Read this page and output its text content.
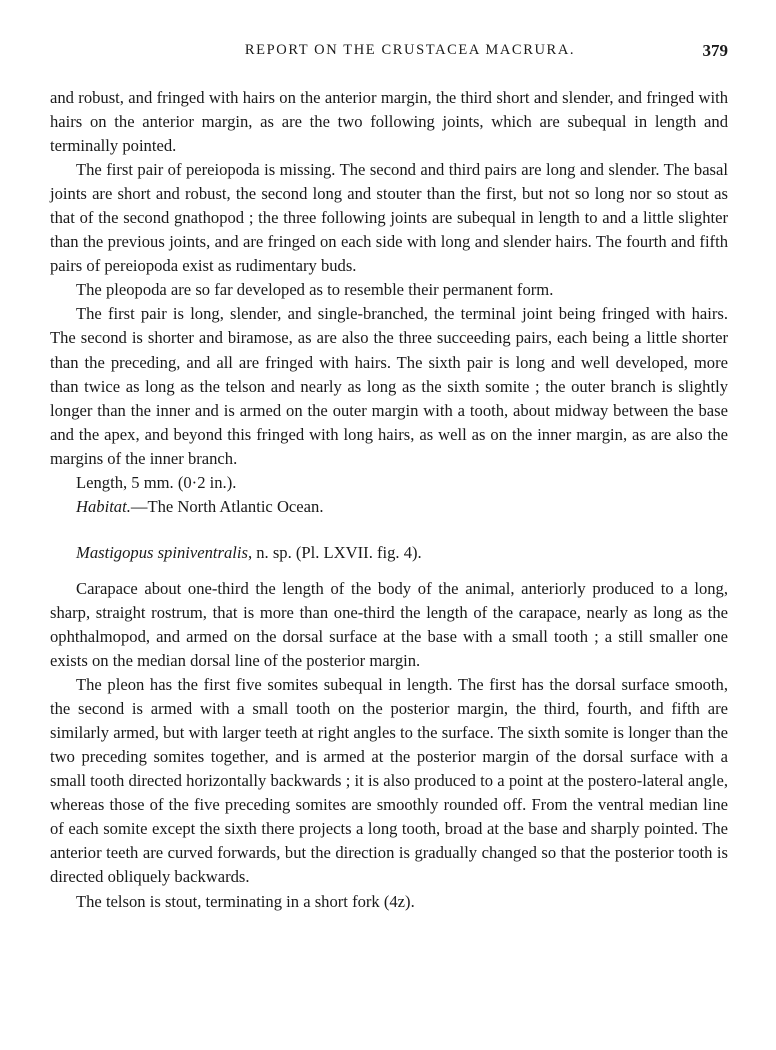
REPORT ON THE CRUSTACEA MACRURA.	379

and robust, and fringed with hairs on the anterior margin, the third short and slender, and fringed with hairs on the anterior margin, as are the two following joints, which are subequal in length and terminally pointed.

The first pair of pereiopoda is missing. The second and third pairs are long and slender. The basal joints are short and robust, the second long and stouter than the first, but not so long nor so stout as that of the second gnathopod ; the three following joints are subequal in length to and a little slighter than the previous joints, and are fringed on each side with long and slender hairs. The fourth and fifth pairs of pereiopoda exist as rudimentary buds.

The pleopoda are so far developed as to resemble their permanent form.

The first pair is long, slender, and single-branched, the terminal joint being fringed with hairs. The second is shorter and biramose, as are also the three succeeding pairs, each being a little shorter than the preceding, and all are fringed with hairs. The sixth pair is long and well developed, more than twice as long as the telson and nearly as long as the sixth somite ; the outer branch is slightly longer than the inner and is armed on the outer margin with a tooth, about midway between the base and the apex, and beyond this fringed with long hairs, as well as on the inner margin, as are also the margins of the inner branch.

Length, 5 mm. (0·2 in.).

Habitat.—The North Atlantic Ocean.

Mastigopus spiniventralis, n. sp. (Pl. LXVII. fig. 4).

Carapace about one-third the length of the body of the animal, anteriorly produced to a long, sharp, straight rostrum, that is more than one-third the length of the carapace, nearly as long as the ophthalmopod, and armed on the dorsal surface at the base with a small tooth ; a still smaller one exists on the median dorsal line of the posterior margin.

The pleon has the first five somites subequal in length. The first has the dorsal surface smooth, the second is armed with a small tooth on the posterior margin, the third, fourth, and fifth are similarly armed, but with larger teeth at right angles to the surface. The sixth somite is longer than the two preceding somites together, and is armed at the posterior margin of the dorsal surface with a small tooth directed horizontally backwards ; it is also produced to a point at the postero-lateral angle, whereas those of the five preceding somites are smoothly rounded off. From the ventral median line of each somite except the sixth there projects a long tooth, broad at the base and sharply pointed. The anterior teeth are curved forwards, but the direction is gradually changed so that the posterior tooth is directed obliquely backwards.

The telson is stout, terminating in a short fork (4z).
